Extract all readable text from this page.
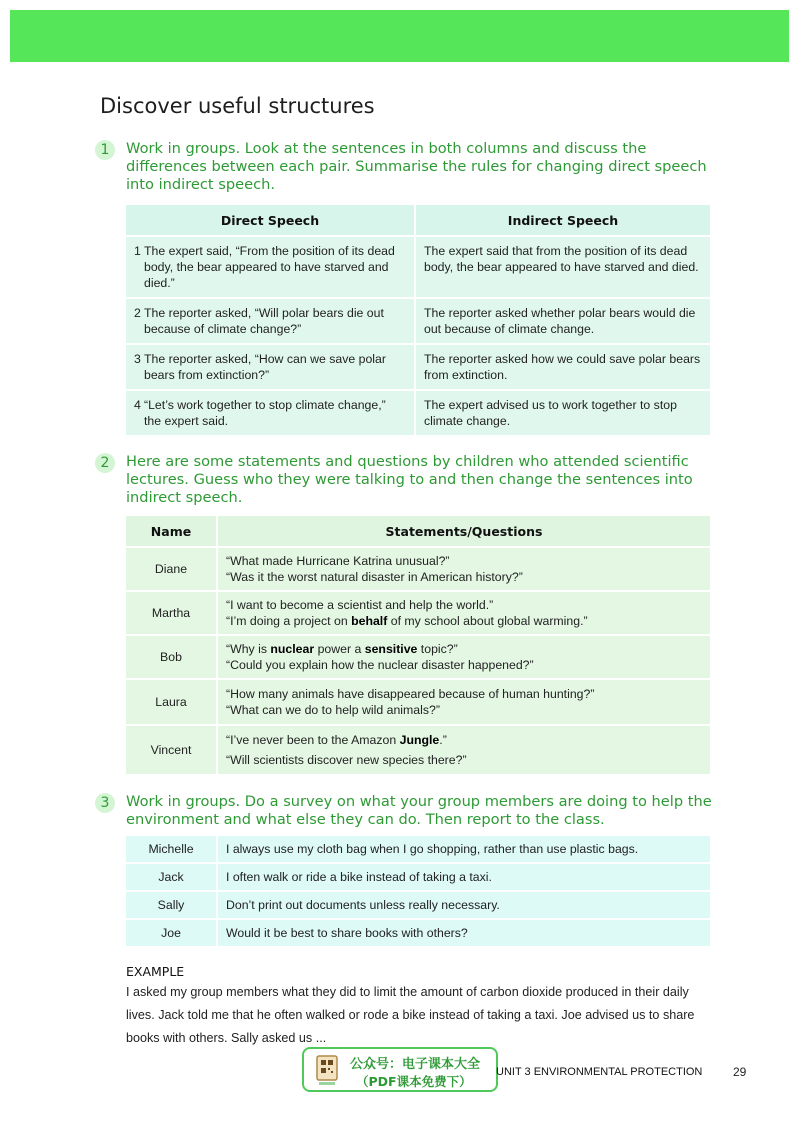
Discover useful structures
1	Work in groups. Look at the sentences in both columns and discuss the differences between each pair. Summarise the rules for changing direct speech into indirect speech.
Direct Speech	Indirect Speech

1 The expert said, “From the position of its dead body, the bear appeared to have starved and died.”	The expert said that from the position of its dead body, the bear appeared to have starved and died.

2 The reporter asked, “Will polar bears die out because of climate change?”	The reporter asked whether polar bears would die out because of climate change.

3 The reporter asked, “How can we save polar bears from extinction?”	The reporter asked how we could save polar bears from extinction.

4 “Let’s work together to stop climate change,” the expert said.	The expert advised us to work together to stop climate change.
2	Here are some statements and questions by children who attended scientific lectures. Guess who they were talking to and then change the sentences into indirect speech.
Name	Statements/Questions
Diane	“What made Hurricane Katrina unusual?”
“Was it the worst natural disaster in American history?”

Martha	“I want to become a scientist and help the world.”
“I’m doing a project on behalf of my school about global warming.”

Bob	“Why is nuclear power a sensitive topic?”
“Could you explain how the nuclear disaster happened?”

Laura	“How many animals have disappeared because of human hunting?”
“What can we do to help wild animals?”

Vincent	“I’ve never been to the Amazon Jungle.”
“Will scientists discover new species there?”
3	Work in groups. Do a survey on what your group members are doing to help the environment and what else they can do. Then report to the class.
Michelle	I always use my cloth bag when I go shopping, rather than use plastic bags.
Jack	I often walk or ride a bike instead of taking a taxi.
Sally	Don’t print out documents unless really necessary.
Joe	Would it be best to share books with others?
EXAMPLE
I asked my group members what they did to limit the amount of carbon dioxide produced in their daily lives. Jack told me that he often walked or rode a bike instead of taking a taxi. Joe advised us to share books with others. Sally asked us ...
公众号：电子课本大全
（PDF课本免费下）
UNIT 3 ENVIRONMENTAL PROTECTION	29
